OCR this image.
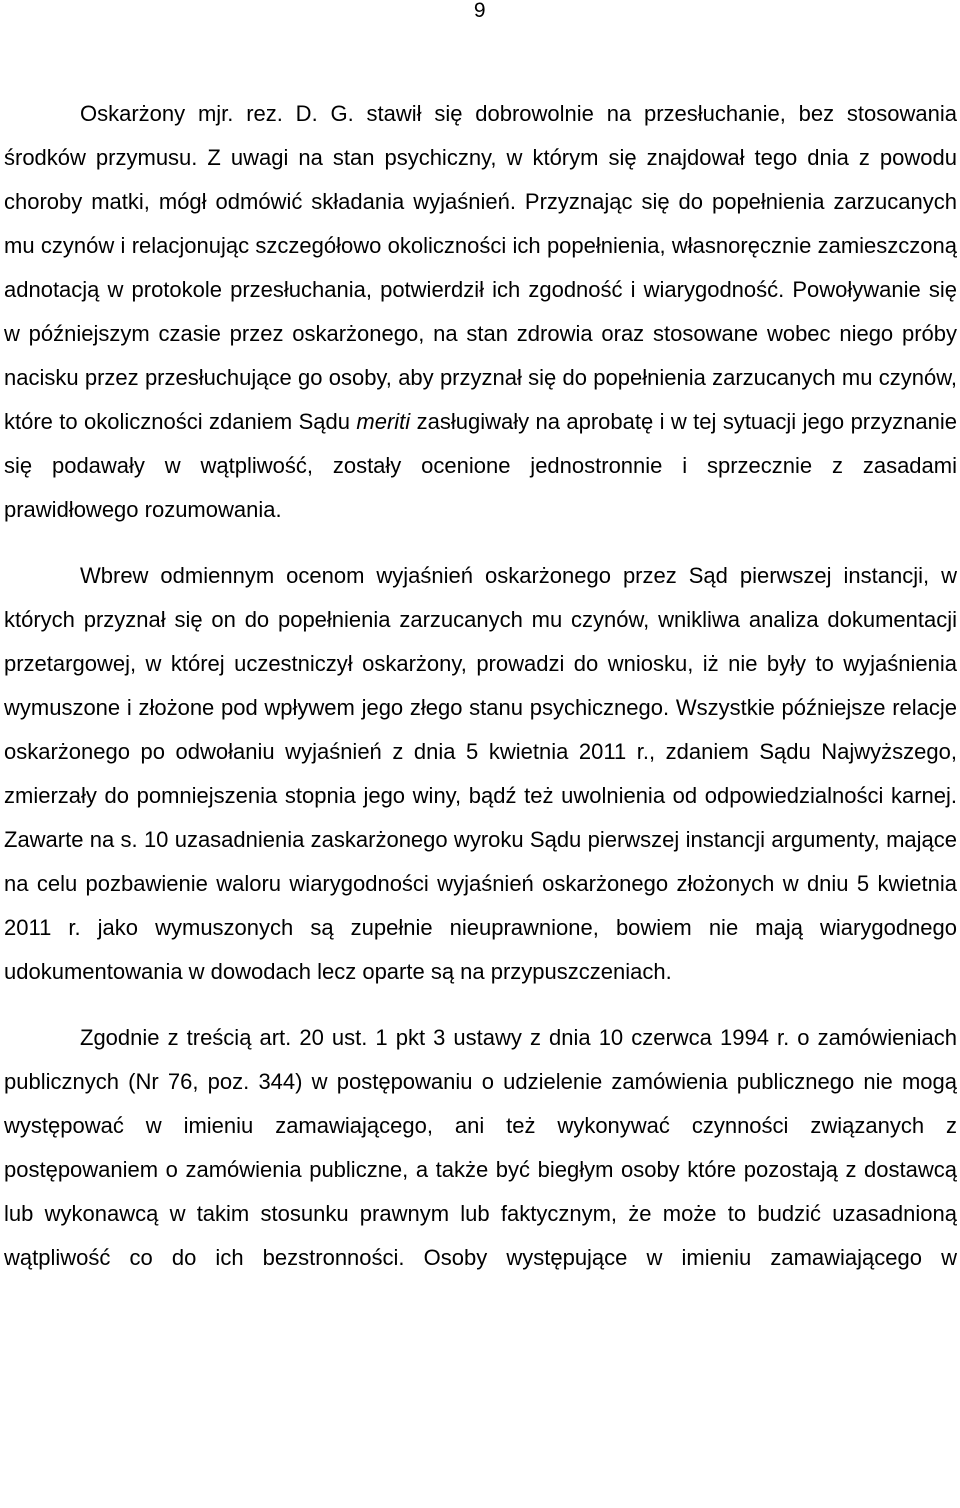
9

Oskarżony mjr. rez. D. G. stawił się dobrowolnie na przesłuchanie, bez stosowania środków przymusu. Z uwagi na stan psychiczny, w którym się znajdował tego dnia z powodu choroby matki, mógł odmówić składania wyjaśnień. Przyznając się do popełnienia zarzucanych mu czynów i relacjonując szczegółowo okoliczności ich popełnienia, własnoręcznie zamieszczoną adnotacją w protokole przesłuchania, potwierdził ich zgodność i wiarygodność. Powoływanie się w późniejszym czasie przez oskarżonego, na stan zdrowia oraz stosowane wobec niego próby nacisku przez przesłuchujące go osoby, aby przyznał się do popełnienia zarzucanych mu czynów, które to okoliczności zdaniem Sądu meriti zasługiwały na aprobatę i w tej sytuacji jego przyznanie się podawały w wątpliwość, zostały ocenione jednostronnie i sprzecznie z zasadami prawidłowego rozumowania.

Wbrew odmiennym ocenom wyjaśnień oskarżonego przez Sąd pierwszej instancji, w których przyznał się on do popełnienia zarzucanych mu czynów, wnikliwa analiza dokumentacji przetargowej, w której uczestniczył oskarżony, prowadzi do wniosku, iż nie były to wyjaśnienia wymuszone i złożone pod wpływem jego złego stanu psychicznego. Wszystkie późniejsze relacje oskarżonego po odwołaniu wyjaśnień z dnia 5 kwietnia 2011 r., zdaniem Sądu Najwyższego, zmierzały do pomniejszenia stopnia jego winy, bądź też uwolnienia od odpowiedzialności karnej. Zawarte na s. 10 uzasadnienia zaskarżonego wyroku Sądu pierwszej instancji argumenty, mające na celu pozbawienie waloru wiarygodności wyjaśnień oskarżonego złożonych w dniu 5 kwietnia 2011 r. jako wymuszonych są zupełnie nieuprawnione, bowiem nie mają wiarygodnego udokumentowania w dowodach lecz oparte są na przypuszczeniach.

Zgodnie z treścią art. 20 ust. 1 pkt 3 ustawy z dnia 10 czerwca 1994 r. o zamówieniach publicznych (Nr 76, poz. 344) w postępowaniu o udzielenie zamówienia publicznego nie mogą występować w imieniu zamawiającego, ani też wykonywać czynności związanych z postępowaniem o zamówienia publiczne, a także być biegłym osoby które pozostają z dostawcą lub wykonawcą w takim stosunku prawnym lub faktycznym, że może to budzić uzasadnioną wątpliwość co do ich bezstronności. Osoby występujące w imieniu zamawiającego w
